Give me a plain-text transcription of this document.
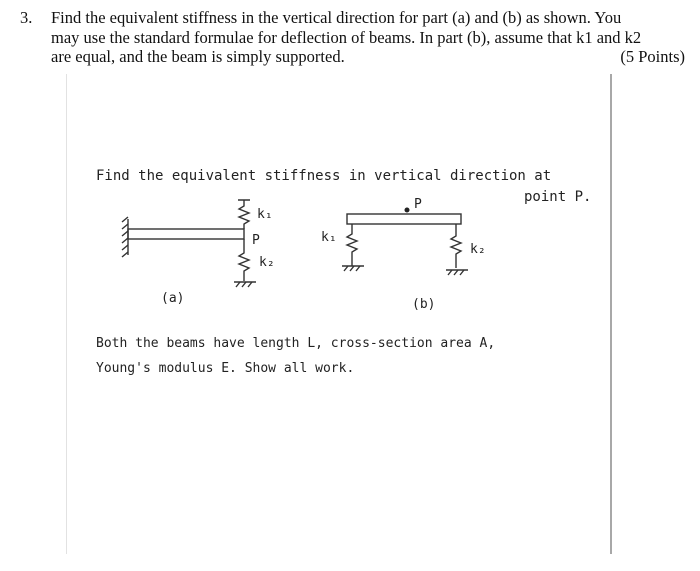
3. Find the equivalent stiffness in the vertical direction for part (a) and (b) as shown. You
may use the standard formulae for deflection of beams. In part (b), assume that k1 and k2
are equal, and the beam is simply supported.	(5 Points)
Find the equivalent stiffness in vertical direction at
point P.
k₁
P
k₂
(a)
P
k₁
k₂
(b)
Both the beams have length L, cross-section area A,
Young's modulus E. Show all work.
